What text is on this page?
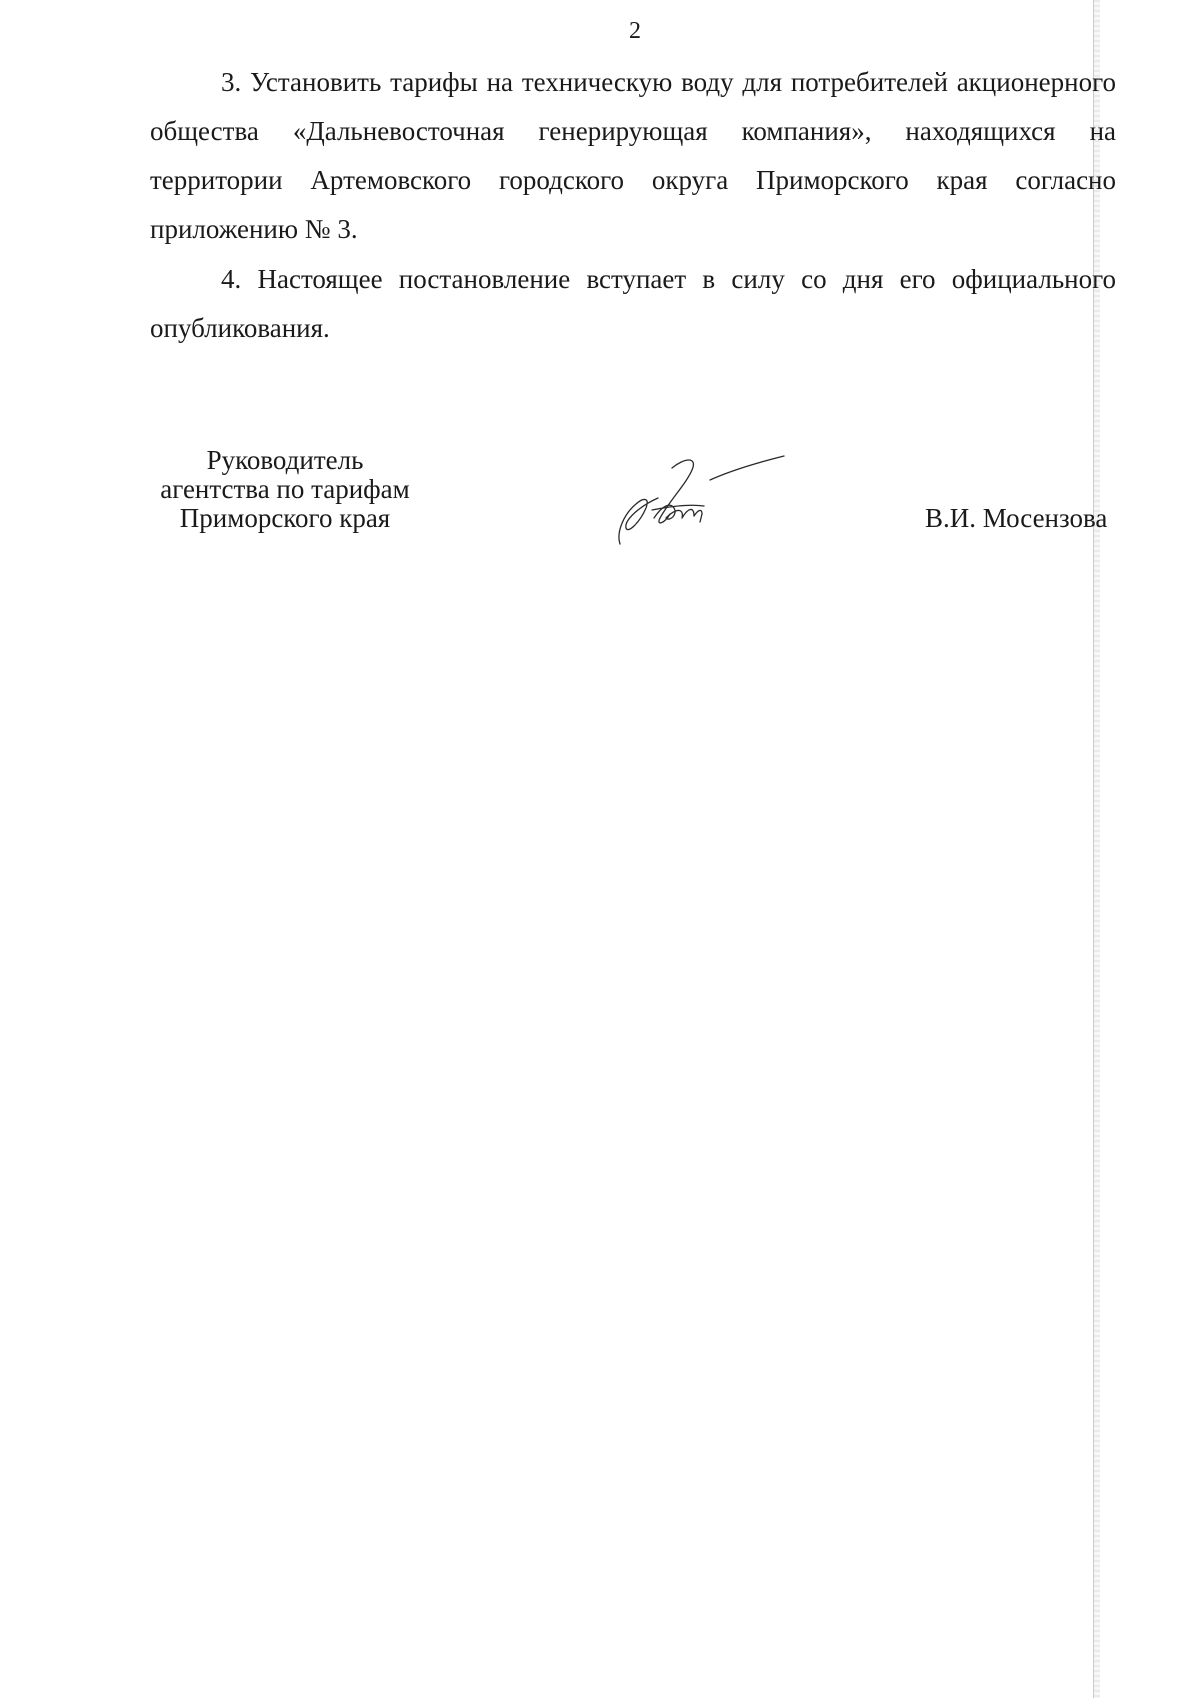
2

3. Установить тарифы на техническую воду для потребителей акционерного общества «Дальневосточная генерирующая компания», находящихся на территории Артемовского городского округа Приморского края согласно приложению № 3.

4. Настоящее постановление вступает в силу со дня его официального опубликования.

Руководитель
агентства по тарифам
Приморского края	В.И. Мосензова
